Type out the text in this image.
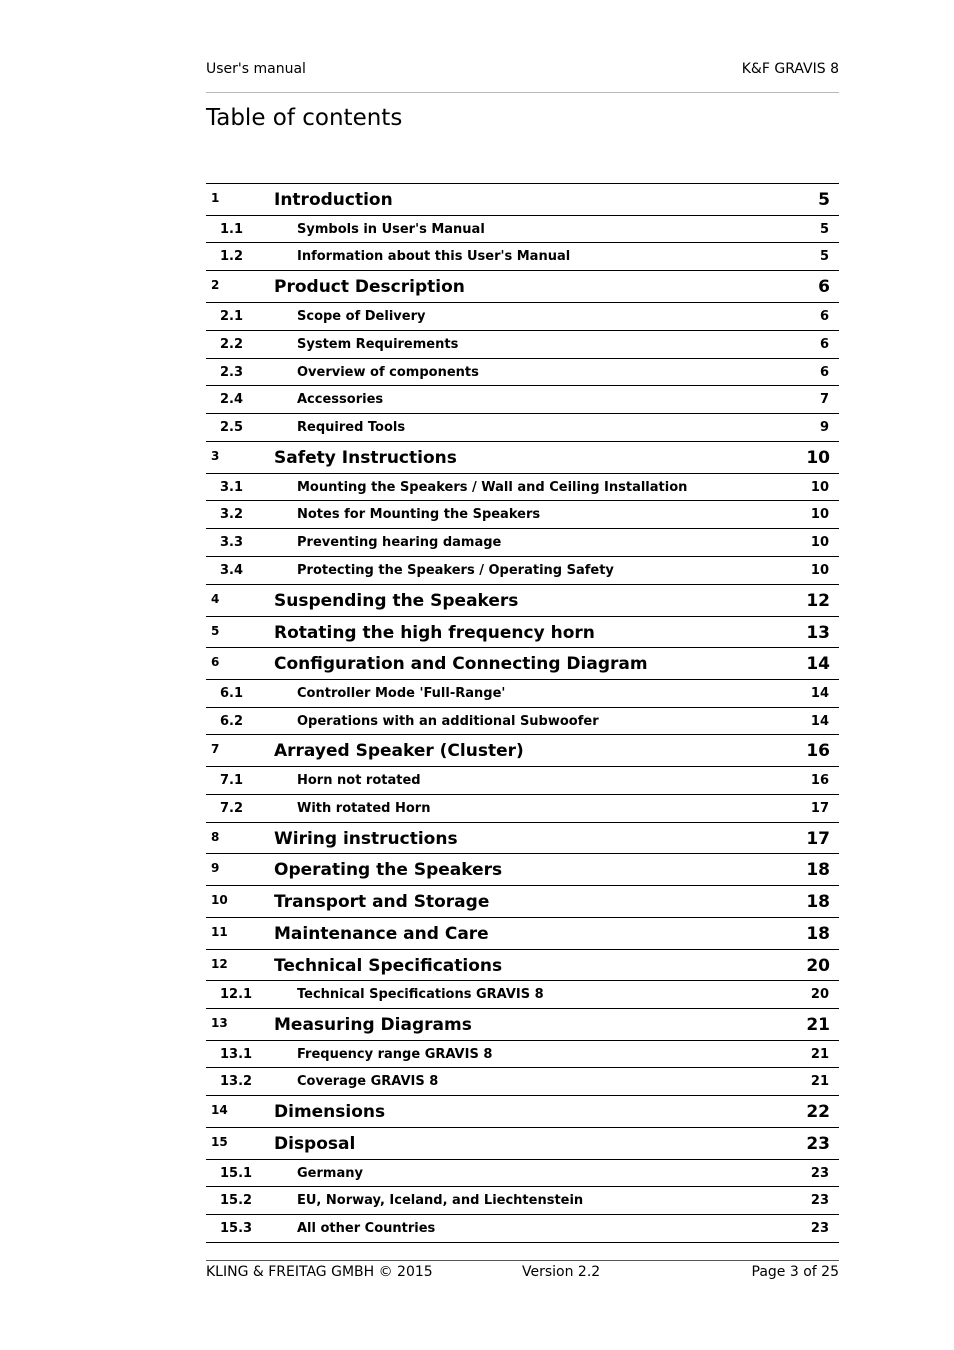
User's manual	K&F GRAVIS 8
Table of contents
1	Introduction	5
1.1	Symbols in User's Manual	5
1.2	Information about this User's Manual	5
2	Product Description	6
2.1	Scope of Delivery	6
2.2	System Requirements	6
2.3	Overview of components	6
2.4	Accessories	7
2.5	Required Tools	9
3	Safety Instructions	10
3.1	Mounting the Speakers / Wall and Ceiling Installation	10
3.2	Notes for Mounting the Speakers	10
3.3	Preventing hearing damage	10
3.4	Protecting the Speakers / Operating Safety	10
4	Suspending the Speakers	12
5	Rotating the high frequency horn	13
6	Configuration and Connecting Diagram	14
6.1	Controller Mode 'Full-Range'	14
6.2	Operations with an additional Subwoofer	14
7	Arrayed Speaker (Cluster)	16
7.1	Horn not rotated	16
7.2	With rotated Horn	17
8	Wiring instructions	17
9	Operating the Speakers	18
10	Transport and Storage	18
11	Maintenance and Care	18
12	Technical Specifications	20
12.1	Technical Specifications GRAVIS 8	20
13	Measuring Diagrams	21
13.1	Frequency range GRAVIS 8	21
13.2	Coverage GRAVIS 8	21
14	Dimensions	22
15	Disposal	23
15.1	Germany	23
15.2	EU, Norway, Iceland, and Liechtenstein	23
15.3	All other Countries	23
KLING & FREITAG GMBH © 2015	Version 2.2	Page 3 of 25
